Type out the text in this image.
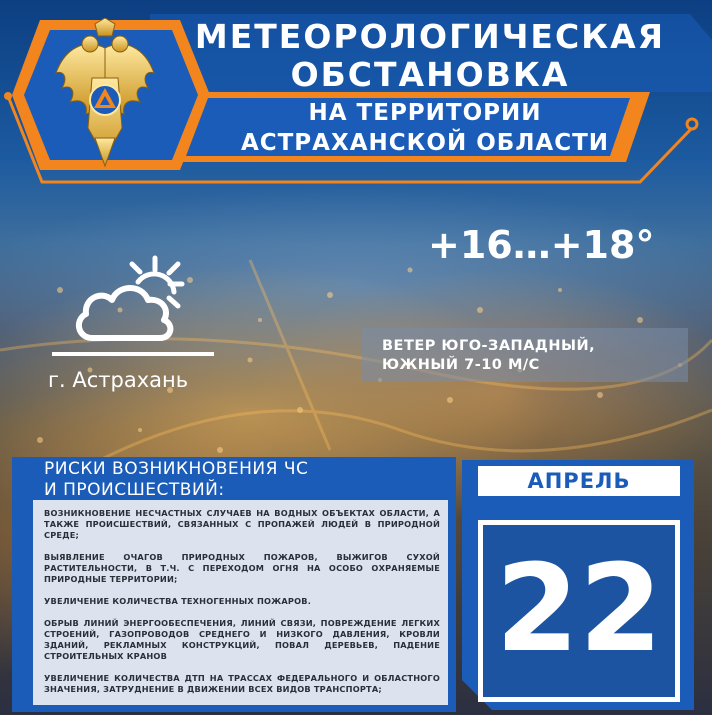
МЕТЕОРОЛОГИЧЕСКАЯ
ОБСТАНОВКА
НА ТЕРРИТОРИИ
АСТРАХАНСКОЙ ОБЛАСТИ
г. Астрахань
+16…+18°
ВЕТЕР ЮГО-ЗАПАДНЫЙ,
ЮЖНЫЙ 7-10 М/С
РИСКИ ВОЗНИКНОВЕНИЯ ЧС
И ПРОИСШЕСТВИЙ:
ВОЗНИКНОВЕНИЕ НЕСЧАСТНЫХ СЛУЧАЕВ НА ВОДНЫХ ОБЪЕКТАХ ОБЛАСТИ, А ТАКЖЕ ПРОИСШЕСТВИЙ, СВЯЗАННЫХ С ПРОПАЖЕЙ ЛЮДЕЙ В ПРИРОДНОЙ СРЕДЕ;
ВЫЯВЛЕНИЕ ОЧАГОВ ПРИРОДНЫХ ПОЖАРОВ, ВЫЖИГОВ СУХОЙ РАСТИТЕЛЬНОСТИ, В Т.Ч. С ПЕРЕХОДОМ ОГНЯ НА ОСОБО ОХРАНЯЕМЫЕ ПРИРОДНЫЕ ТЕРРИТОРИИ;
УВЕЛИЧЕНИЕ КОЛИЧЕСТВА ТЕХНОГЕННЫХ ПОЖАРОВ.
ОБРЫВ ЛИНИЙ ЭНЕРГООБЕСПЕЧЕНИЯ, ЛИНИЙ СВЯЗИ, ПОВРЕЖДЕНИЕ ЛЕГКИХ СТРОЕНИЙ, ГАЗОПРОВОДОВ СРЕДНЕГО И НИЗКОГО ДАВЛЕНИЯ, КРОВЛИ ЗДАНИЙ, РЕКЛАМНЫХ КОНСТРУКЦИЙ, ПОВАЛ ДЕРЕВЬЕВ, ПАДЕНИЕ СТРОИТЕЛЬНЫХ КРАНОВ
УВЕЛИЧЕНИЕ КОЛИЧЕСТВА ДТП НА ТРАССАХ ФЕДЕРАЛЬНОГО И ОБЛАСТНОГО ЗНАЧЕНИЯ, ЗАТРУДНЕНИЕ В ДВИЖЕНИИ ВСЕХ ВИДОВ ТРАНСПОРТА;
АПРЕЛЬ
22
